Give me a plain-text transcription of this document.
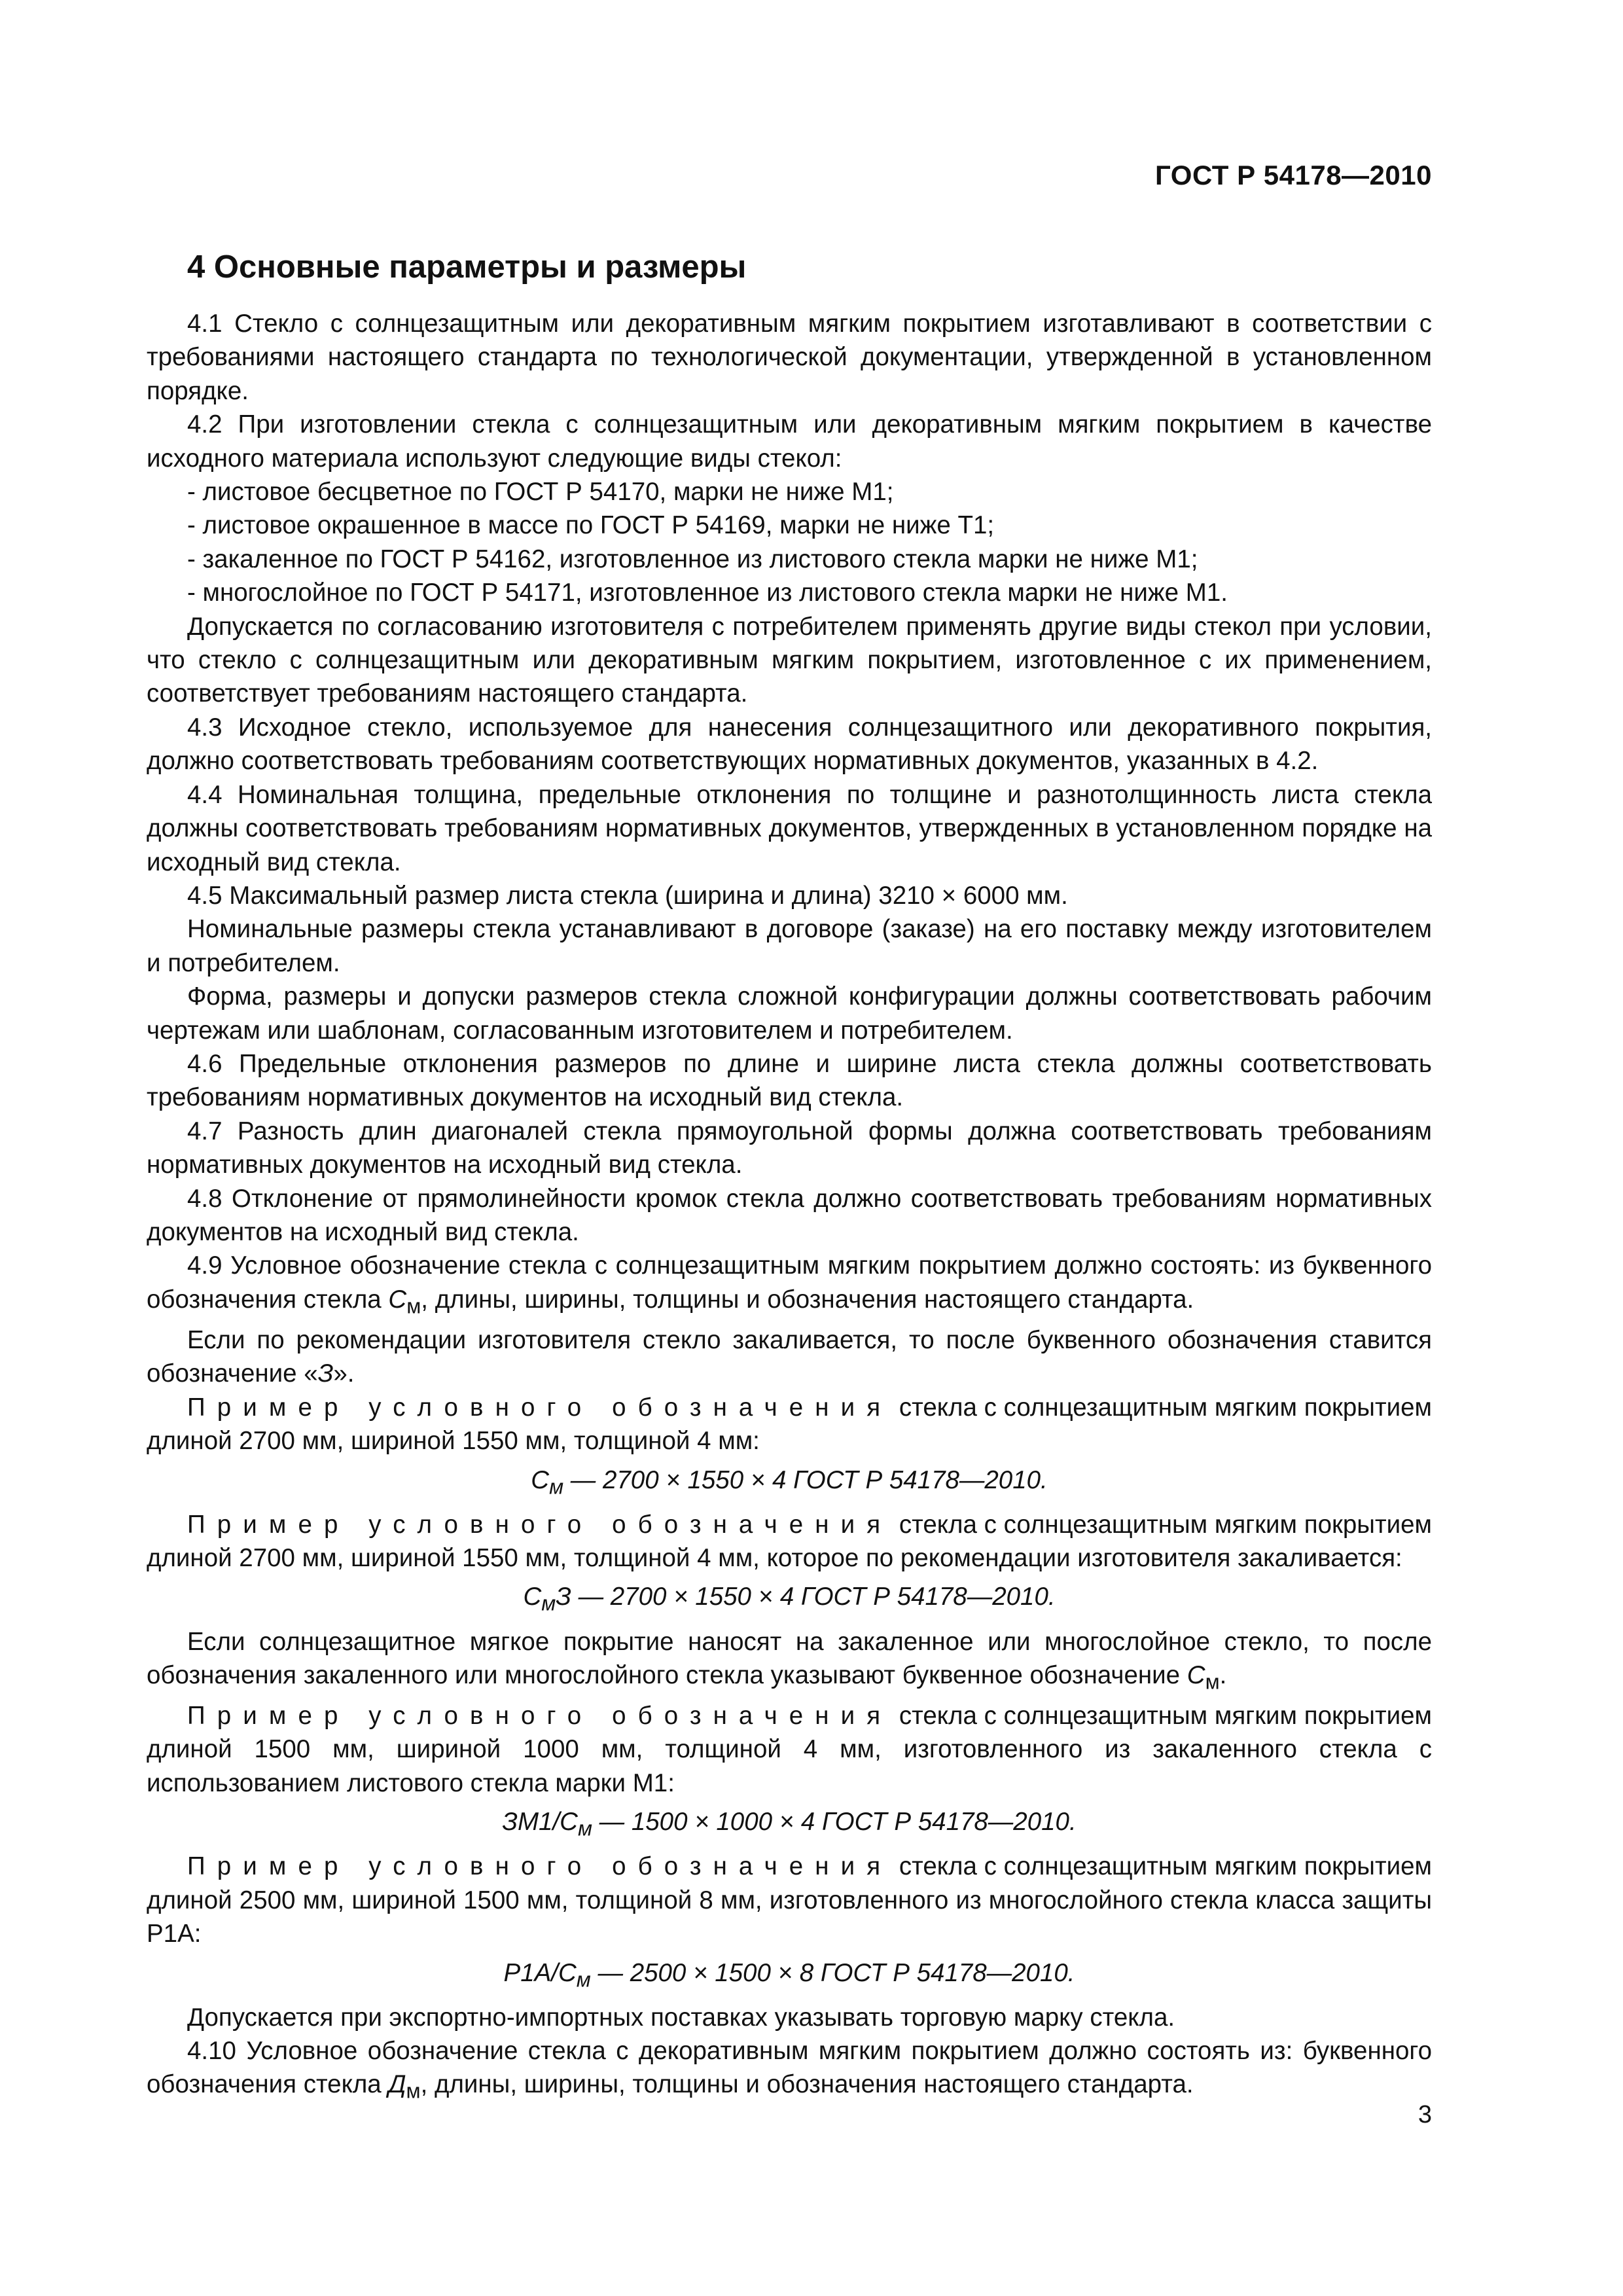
ГОСТ Р 54178—2010
4 Основные параметры и размеры

4.1 Стекло с солнцезащитным или декоративным мягким покрытием изготавливают в соответствии с требованиями настоящего стандарта по технологической документации, утвержденной в установленном порядке.

4.2 При изготовлении стекла с солнцезащитным или декоративным мягким покрытием в качестве исходного материала используют следующие виды стекол:

- листовое бесцветное по ГОСТ Р 54170, марки не ниже М1;

- листовое окрашенное в массе по ГОСТ Р 54169, марки не ниже Т1;

- закаленное по ГОСТ Р 54162, изготовленное из листового стекла марки не ниже М1;

- многослойное по ГОСТ Р 54171, изготовленное из листового стекла марки не ниже М1.

Допускается по согласованию изготовителя с потребителем применять другие виды стекол при условии, что стекло с солнцезащитным или декоративным мягким покрытием, изготовленное с их применением, соответствует требованиям настоящего стандарта.

4.3 Исходное стекло, используемое для нанесения солнцезащитного или декоративного покрытия, должно соответствовать требованиям соответствующих нормативных документов, указанных в 4.2.

4.4 Номинальная толщина, предельные отклонения по толщине и разнотолщинность листа стекла должны соответствовать требованиям нормативных документов, утвержденных в установленном порядке на исходный вид стекла.

4.5 Максимальный размер листа стекла (ширина и длина) 3210 × 6000 мм.

Номинальные размеры стекла устанавливают в договоре (заказе) на его поставку между изготовителем и потребителем.

Форма, размеры и допуски размеров стекла сложной конфигурации должны соответствовать рабочим чертежам или шаблонам, согласованным изготовителем и потребителем.

4.6 Предельные отклонения размеров по длине и ширине листа стекла должны соответствовать требованиям нормативных документов на исходный вид стекла.

4.7 Разность длин диагоналей стекла прямоугольной формы должна соответствовать требованиям нормативных документов на исходный вид стекла.

4.8 Отклонение от прямолинейности кромок стекла должно соответствовать требованиям нормативных документов на исходный вид стекла.

4.9 Условное обозначение стекла с солнцезащитным мягким покрытием должно состоять: из буквенного обозначения стекла $С_м$, длины, ширины, толщины и обозначения настоящего стандарта.

Если по рекомендации изготовителя стекло закаливается, то после буквенного обозначения ставится обозначение «З».

Пример условного обозначения стекла с солнцезащитным мягким покрытием длиной 2700 мм, шириной 1550 мм, толщиной 4 мм:

$С_м$ — 2700 × 1550 × 4 ГОСТ Р 54178—2010.

Пример условного обозначения стекла с солнцезащитным мягким покрытием длиной 2700 мм, шириной 1550 мм, толщиной 4 мм, которое по рекомендации изготовителя закаливается:

$С_мЗ$ — 2700 × 1550 × 4 ГОСТ Р 54178—2010.

Если солнцезащитное мягкое покрытие наносят на закаленное или многослойное стекло, то после обозначения закаленного или многослойного стекла указывают буквенное обозначение $С_м$.

Пример условного обозначения стекла с солнцезащитным мягким покрытием длиной 1500 мм, шириной 1000 мм, толщиной 4 мм, изготовленного из закаленного стекла с использованием листового стекла марки М1:

$ЗМ1/С_м$ — 1500 × 1000 × 4 ГОСТ Р 54178—2010.

Пример условного обозначения стекла с солнцезащитным мягким покрытием длиной 2500 мм, шириной 1500 мм, толщиной 8 мм, изготовленного из многослойного стекла класса защиты Р1А:

$Р1А/С_м$ — 2500 × 1500 × 8 ГОСТ Р 54178—2010.

Допускается при экспортно-импортных поставках указывать торговую марку стекла.

4.10 Условное обозначение стекла с декоративным мягким покрытием должно состоять из: буквенного обозначения стекла $Д_м$, длины, ширины, толщины и обозначения настоящего стандарта.

3
